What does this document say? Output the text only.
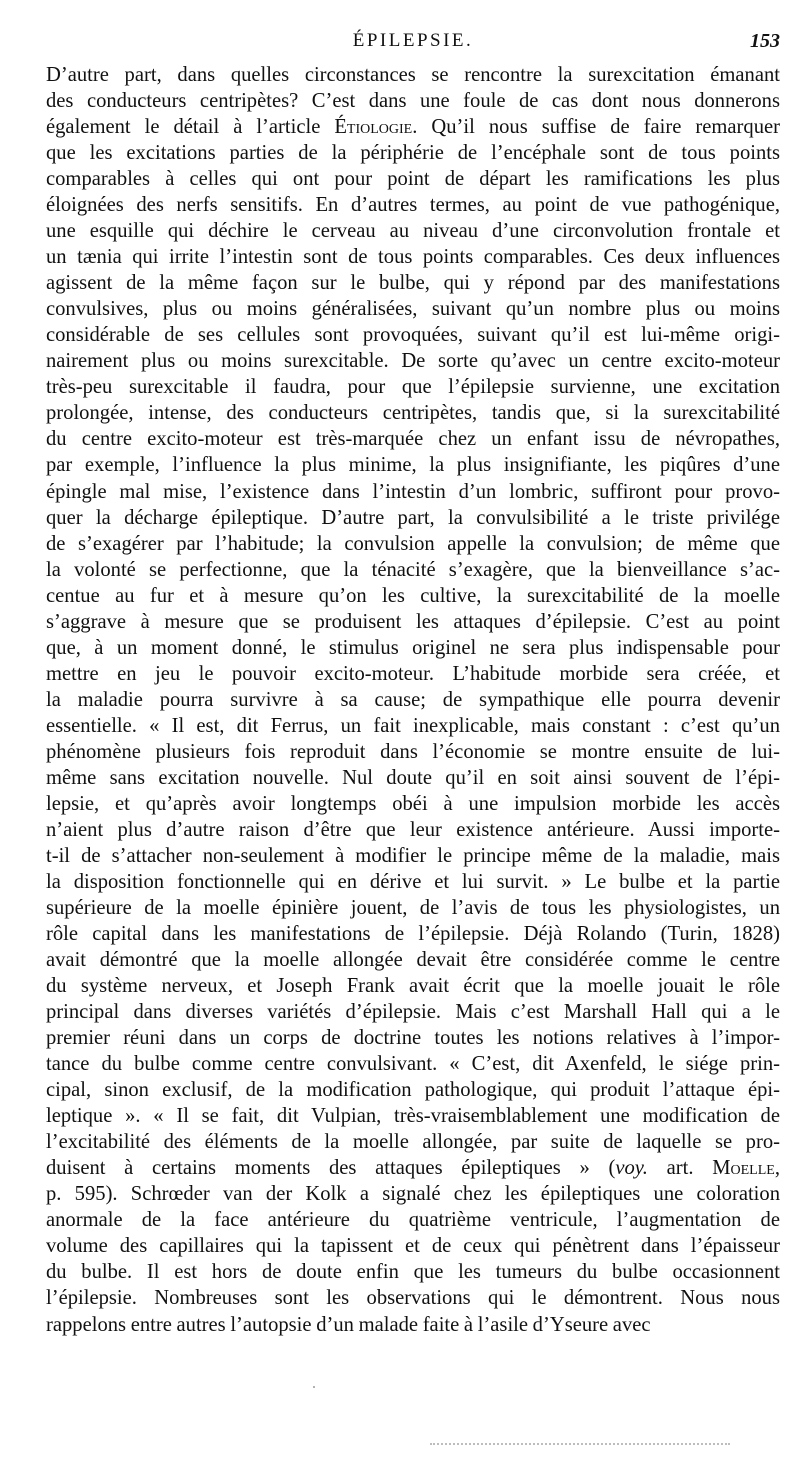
ÉPILEPSIE.	153
D’autre part, dans quelles circonstances se rencontre la surexcitation émanant
des conducteurs centripètes? C’est dans une foule de cas dont nous donnerons
également le détail à l’article Étiologie. Qu’il nous suffise de faire remarquer
que les excitations parties de la périphérie de l’encéphale sont de tous points
comparables à celles qui ont pour point de départ les ramifications les plus
éloignées des nerfs sensitifs. En d’autres termes, au point de vue pathogénique,
une esquille qui déchire le cerveau au niveau d’une circonvolution frontale et
un tænia qui irrite l’intestin sont de tous points comparables. Ces deux influences
agissent de la même façon sur le bulbe, qui y répond par des manifestations
convulsives, plus ou moins généralisées, suivant qu’un nombre plus ou moins
considérable de ses cellules sont provoquées, suivant qu’il est lui-même origi-
nairement plus ou moins surexcitable. De sorte qu’avec un centre excito-moteur
très-peu surexcitable il faudra, pour que l’épilepsie survienne, une excitation
prolongée, intense, des conducteurs centripètes, tandis que, si la surexcitabilité
du centre excito-moteur est très-marquée chez un enfant issu de névropathes,
par exemple, l’influence la plus minime, la plus insignifiante, les piqûres d’une
épingle mal mise, l’existence dans l’intestin d’un lombric, suffiront pour provo-
quer la décharge épileptique. D’autre part, la convulsibilité a le triste privilége
de s’exagérer par l’habitude; la convulsion appelle la convulsion; de même que
la volonté se perfectionne, que la ténacité s’exagère, que la bienveillance s’ac-
centue au fur et à mesure qu’on les cultive, la surexcitabilité de la moelle
s’aggrave à mesure que se produisent les attaques d’épilepsie. C’est au point
que, à un moment donné, le stimulus originel ne sera plus indispensable pour
mettre en jeu le pouvoir excito-moteur. L’habitude morbide sera créée, et
la maladie pourra survivre à sa cause; de sympathique elle pourra devenir
essentielle. « Il est, dit Ferrus, un fait inexplicable, mais constant : c’est qu’un
phénomène plusieurs fois reproduit dans l’économie se montre ensuite de lui-
même sans excitation nouvelle. Nul doute qu’il en soit ainsi souvent de l’épi-
lepsie, et qu’après avoir longtemps obéi à une impulsion morbide les accès
n’aient plus d’autre raison d’être que leur existence antérieure. Aussi importe-
t-il de s’attacher non-seulement à modifier le principe même de la maladie, mais
la disposition fonctionnelle qui en dérive et lui survit. » Le bulbe et la partie
supérieure de la moelle épinière jouent, de l’avis de tous les physiologistes, un
rôle capital dans les manifestations de l’épilepsie. Déjà Rolando (Turin, 1828)
avait démontré que la moelle allongée devait être considérée comme le centre
du système nerveux, et Joseph Frank avait écrit que la moelle jouait le rôle
principal dans diverses variétés d’épilepsie. Mais c’est Marshall Hall qui a le
premier réuni dans un corps de doctrine toutes les notions relatives à l’impor-
tance du bulbe comme centre convulsivant. « C’est, dit Axenfeld, le siége prin-
cipal, sinon exclusif, de la modification pathologique, qui produit l’attaque épi-
leptique ». « Il se fait, dit Vulpian, très-vraisemblablement une modification de
l’excitabilité des éléments de la moelle allongée, par suite de laquelle se pro-
duisent à certains moments des attaques épileptiques » (voy. art. Moelle,
p. 595). Schrœder van der Kolk a signalé chez les épileptiques une coloration
anormale de la face antérieure du quatrième ventricule, l’augmentation de
volume des capillaires qui la tapissent et de ceux qui pénètrent dans l’épaisseur
du bulbe. Il est hors de doute enfin que les tumeurs du bulbe occasionnent
l’épilepsie. Nombreuses sont les observations qui le démontrent. Nous nous
rappelons entre autres l’autopsie d’un malade faite à l’asile d’Yseure avec
